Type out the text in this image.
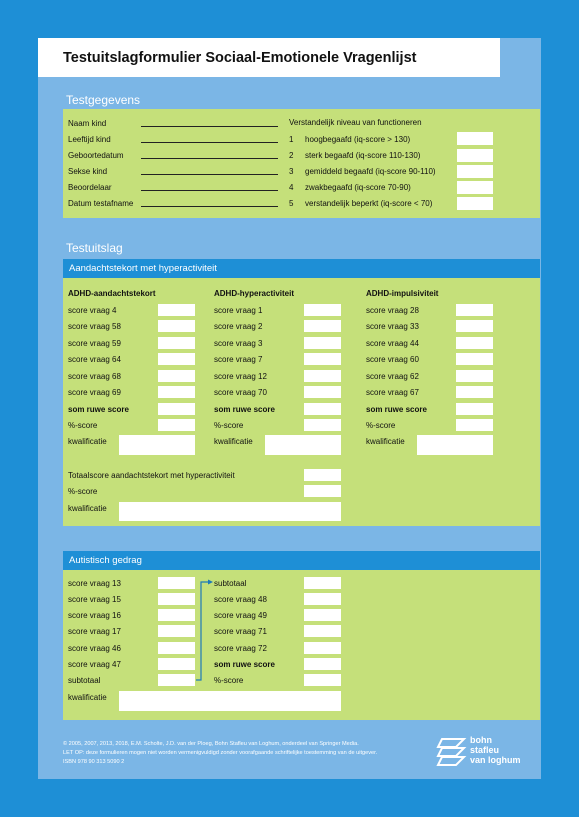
Testuitslagformulier Sociaal-Emotionele Vragenlijst
Testgegevens
Naam kind
Leeftijd kind
Geboortedatum
Sekse kind
Beoordelaar
Datum testafname
Verstandelijk niveau van functioneren
1 hoogbegaafd (iq-score > 130)
2 sterk begaafd (iq-score 110-130)
3 gemiddeld begaafd (iq-score 90-110)
4 zwakbegaafd (iq-score 70-90)
5 verstandelijk beperkt (iq-score < 70)
Testuitslag
Aandachtstekort met hyperactiviteit
ADHD-aandachtstekort
score vraag 4
score vraag 58
score vraag 59
score vraag 64
score vraag 68
score vraag 69
som ruwe score
%-score
kwalificatie
ADHD-hyperactiviteit
score vraag 1
score vraag 2
score vraag 3
score vraag 7
score vraag 12
score vraag 70
som ruwe score
%-score
kwalificatie
ADHD-impulsiviteit
score vraag 28
score vraag 33
score vraag 44
score vraag 60
score vraag 62
score vraag 67
som ruwe score
%-score
kwalificatie
Totaalscore aandachtstekort met hyperactiviteit
%-score
kwalificatie
Autistisch gedrag
score vraag 13
score vraag 15
score vraag 16
score vraag 17
score vraag 46
score vraag 47
subtotaal
subtotaal
score vraag 48
score vraag 49
score vraag 71
score vraag 72
som ruwe score
%-score
kwalificatie
© 2005, 2007, 2013, 2018, E.M. Scholte, J.D. van der Ploeg, Bohn Stafleu van Loghum, onderdeel van Springer Media.
LET OP: deze formulieren mogen niet worden vermenigvuldigd zonder voorafgaande schriftelijke toestemming van de uitgever.
ISBN 978 90 313 5090 2
bohn
stafleu
van loghum
